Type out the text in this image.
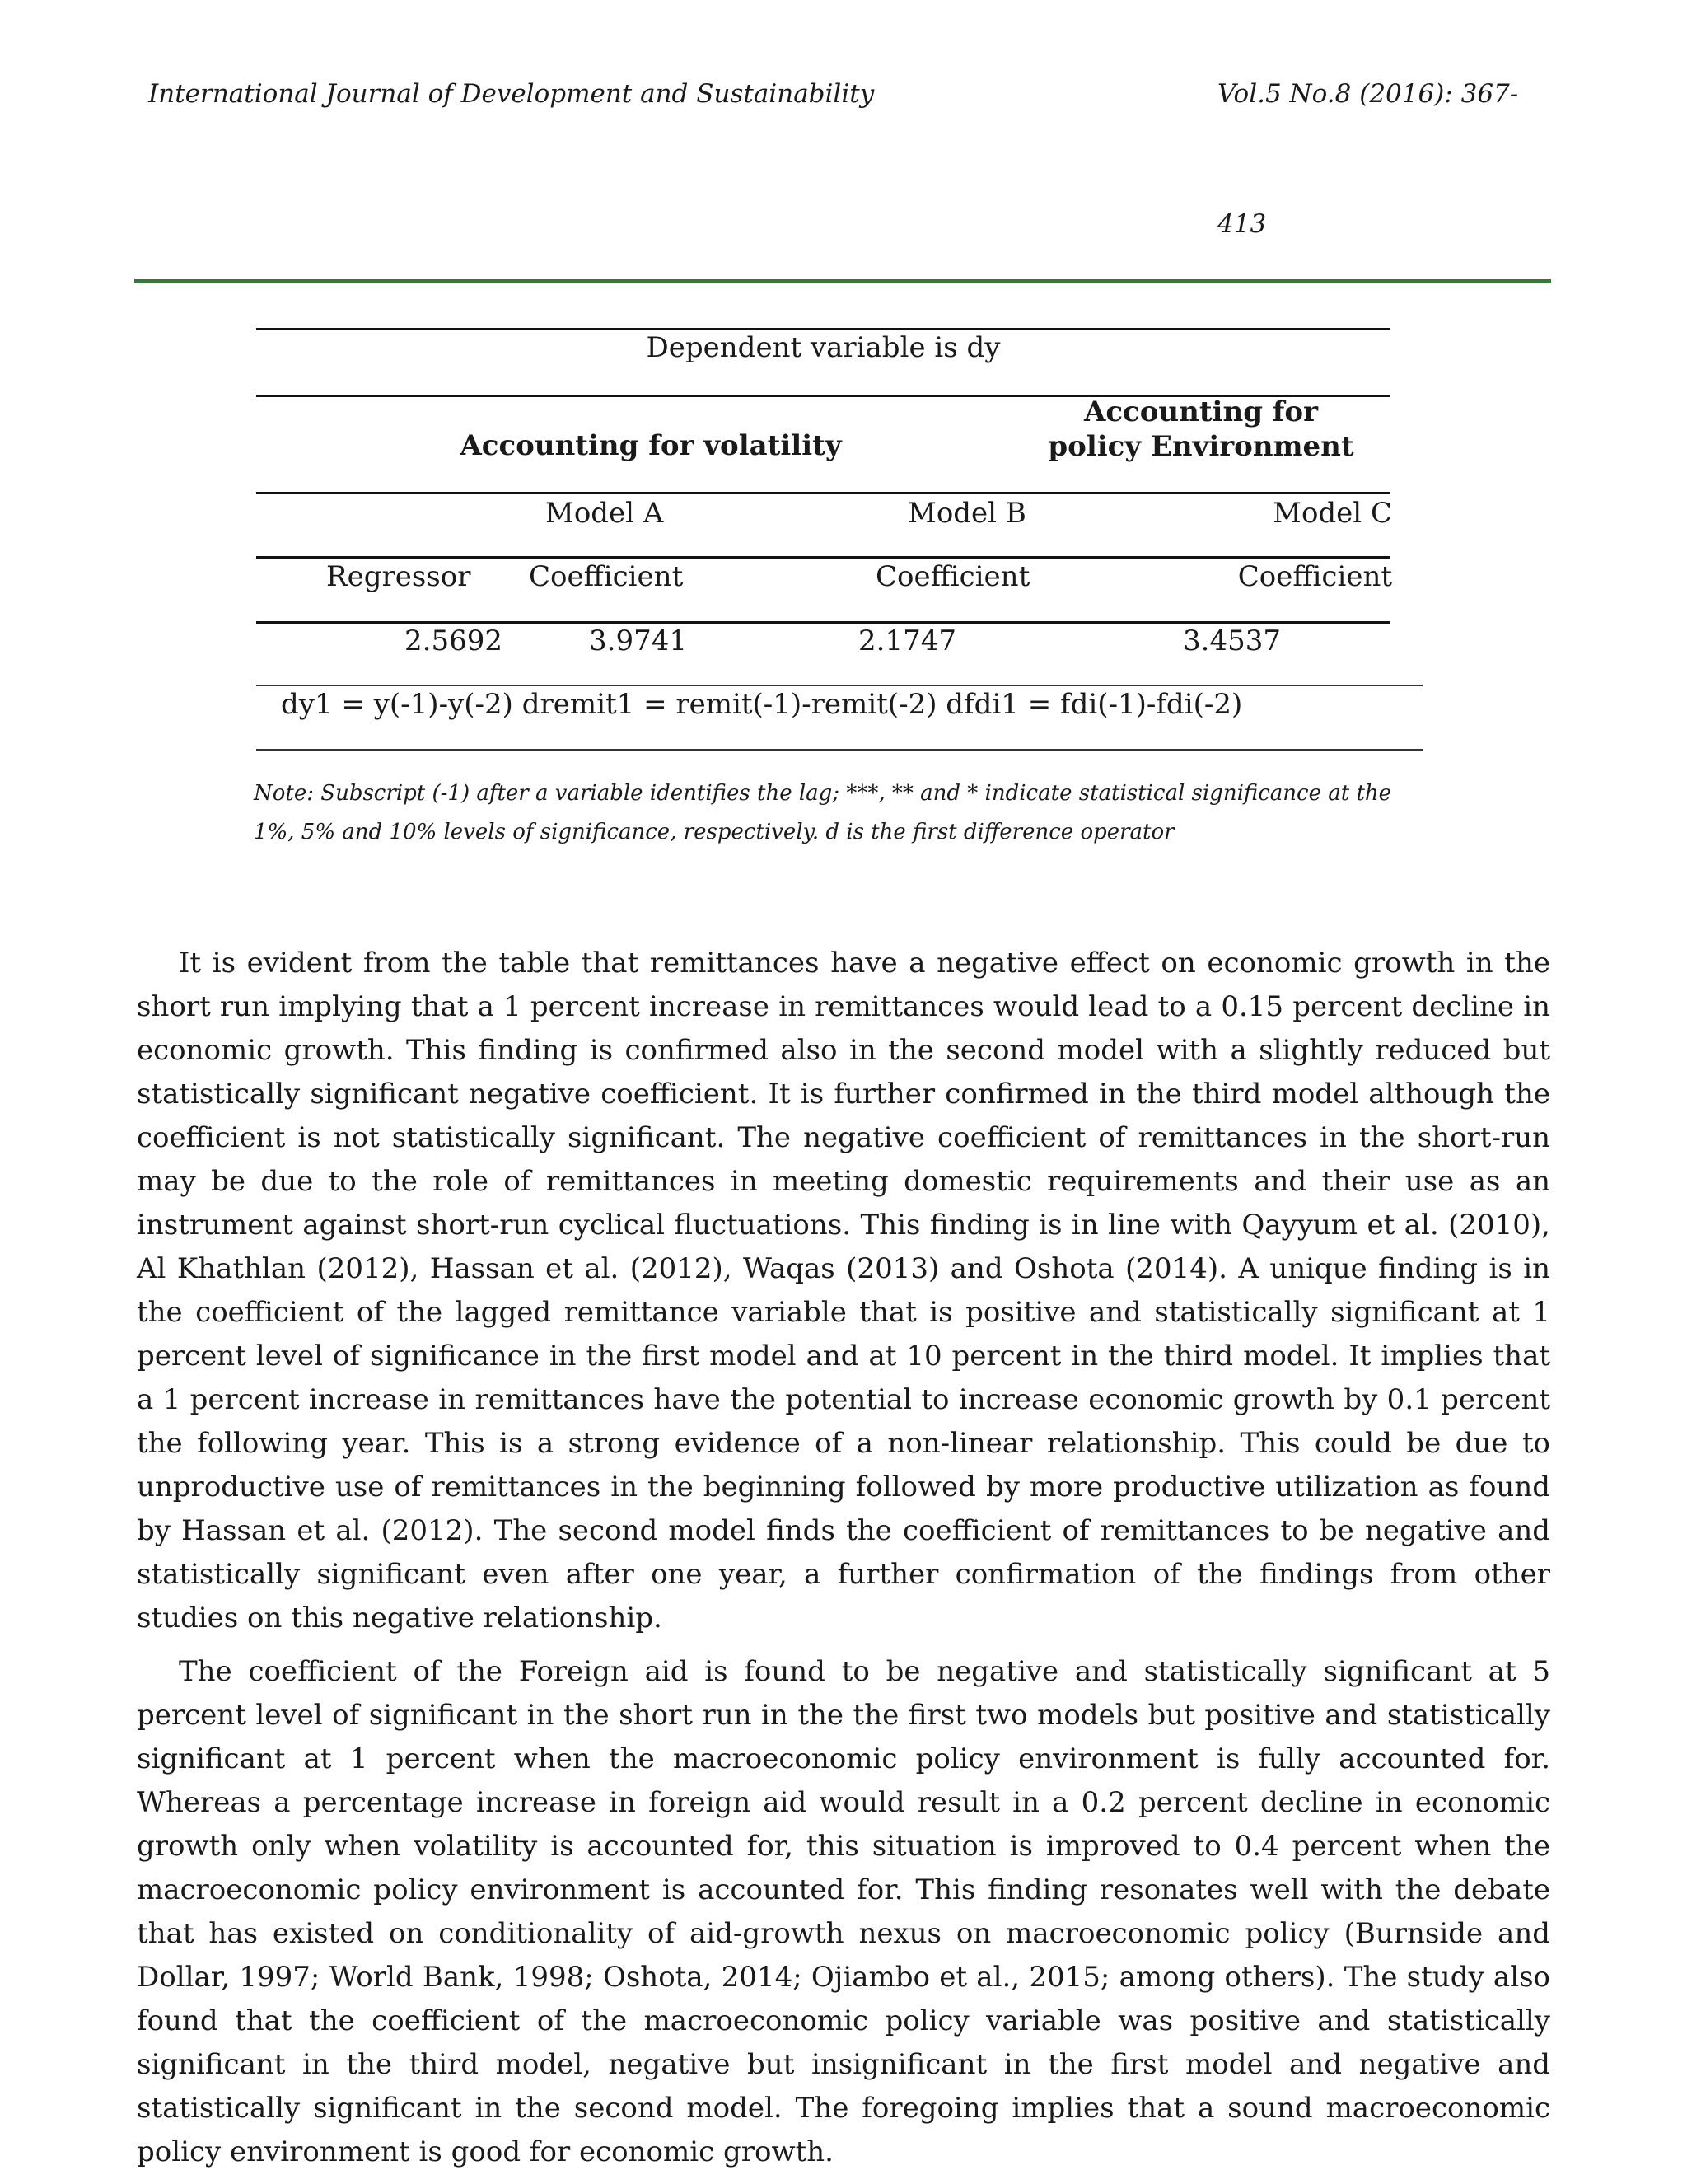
International Journal of Development and Sustainability	Vol.5 No.8 (2016): 367-
413
Dependent variable is dy
Accounting for volatility
Accounting for policy Environment
Model A	Model B	Model C
Regressor Coefficient	Coefficient	Coefficient
2.5692	3.9741	2.1747	3.4537
dy1 = y(-1)-y(-2) dremit1 = remit(-1)-remit(-2) dfdi1 = fdi(-1)-fdi(-2)
Note: Subscript (-1) after a variable identifies the lag; ***, ** and * indicate statistical significance at the 1%, 5% and 10% levels of significance, respectively. d is the first difference operator

It is evident from the table that remittances have a negative effect on economic growth in the short run implying that a 1 percent increase in remittances would lead to a 0.15 percent decline in economic growth. This finding is confirmed also in the second model with a slightly reduced but statistically significant negative coefficient. It is further confirmed in the third model although the coefficient is not statistically significant. The negative coefficient of remittances in the short-run may be due to the role of remittances in meeting domestic requirements and their use as an instrument against short-run cyclical fluctuations. This finding is in line with Qayyum et al. (2010), Al Khathlan (2012), Hassan et al. (2012), Waqas (2013) and Oshota (2014). A unique finding is in the coefficient of the lagged remittance variable that is positive and statistically significant at 1 percent level of significance in the first model and at 10 percent in the third model. It implies that a 1 percent increase in remittances have the potential to increase economic growth by 0.1 percent the following year. This is a strong evidence of a non-linear relationship. This could be due to unproductive use of remittances in the beginning followed by more productive utilization as found by Hassan et al. (2012). The second model finds the coefficient of remittances to be negative and statistically significant even after one year, a further confirmation of the findings from other studies on this negative relationship.

The coefficient of the Foreign aid is found to be negative and statistically significant at 5 percent level of significant in the short run in the the first two models but positive and statistically significant at 1 percent when the macroeconomic policy environment is fully accounted for. Whereas a percentage increase in foreign aid would result in a 0.2 percent decline in economic growth only when volatility is accounted for, this situation is improved to 0.4 percent when the macroeconomic policy environment is accounted for. This finding resonates well with the debate that has existed on conditionality of aid-growth nexus on macroeconomic policy (Burnside and Dollar, 1997; World Bank, 1998; Oshota, 2014; Ojiambo et al., 2015; among others). The study also found that the coefficient of the macroeconomic policy variable was positive and statistically significant in the third model, negative but insignificant in the first model and negative and statistically significant in the second model. The foregoing implies that a sound macroeconomic policy environment is good for economic growth.
